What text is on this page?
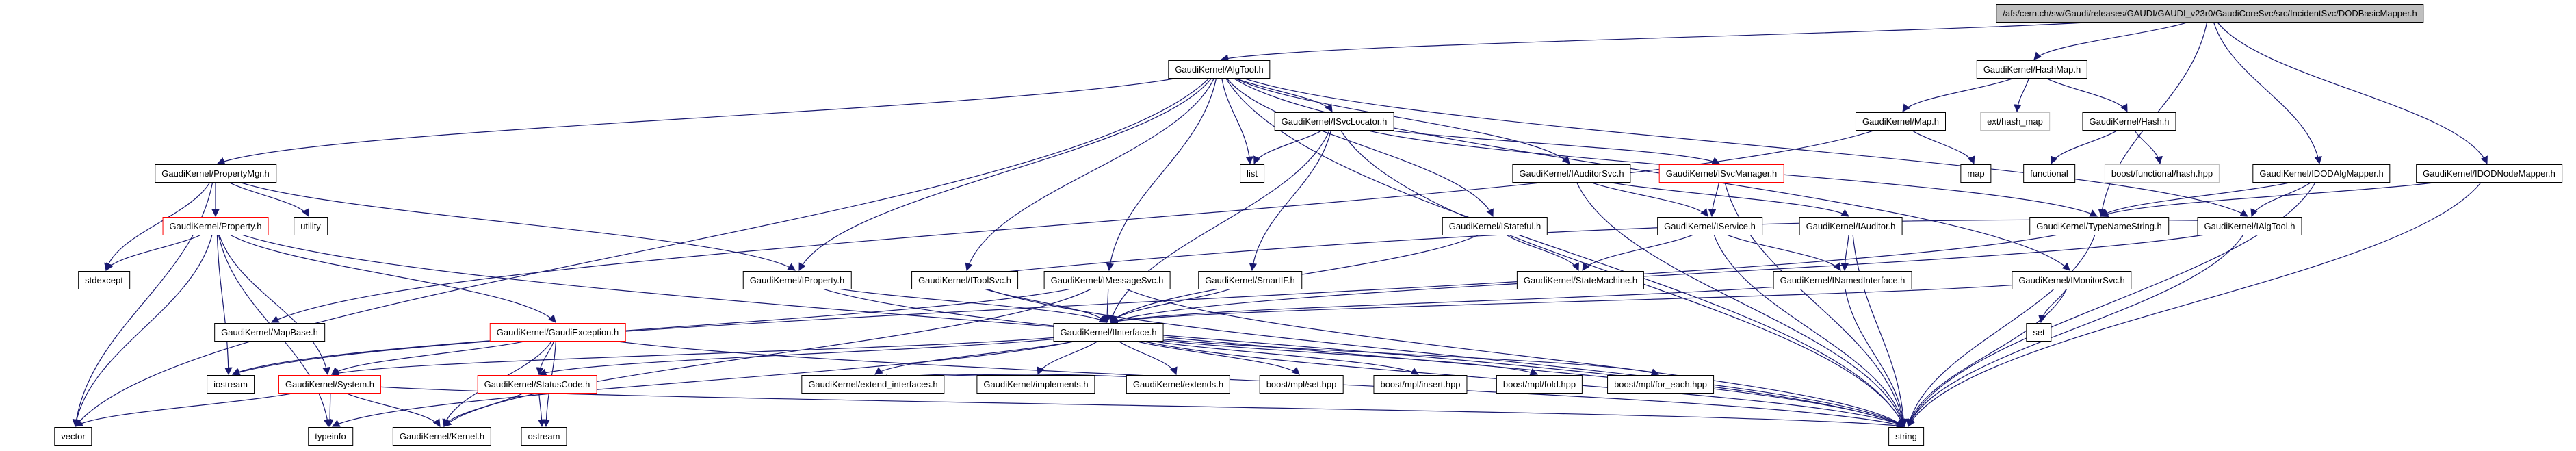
/afs/cern.ch/sw/Gaudi/releases/GAUDI/GAUDI_v23r0/GaudiCoreSvc/src/IncidentSvc/DODBasicMapper.h
GaudiKernel/AlgTool.h	GaudiKernel/HashMap.h
GaudiKernel/ISvcLocator.h	GaudiKernel/Map.h	ext/hash_map	GaudiKernel/Hash.h
GaudiKernel/PropertyMgr.h	list	GaudiKernel/IAuditorSvc.h	GaudiKernel/ISvcManager.h	map	functional	boost/functional/hash.hpp	GaudiKernel/IDODAlgMapper.h	GaudiKernel/IDODNodeMapper.h
GaudiKernel/Property.h	utility	GaudiKernel/IStateful.h	GaudiKernel/IService.h	GaudiKernel/IAuditor.h	GaudiKernel/TypeNameString.h	GaudiKernel/IAlgTool.h
stdexcept	GaudiKernel/IProperty.h	GaudiKernel/IToolSvc.h	GaudiKernel/IMessageSvc.h	GaudiKernel/SmartIF.h	GaudiKernel/StateMachine.h	GaudiKernel/INamedInterface.h	GaudiKernel/IMonitorSvc.h
GaudiKernel/MapBase.h	GaudiKernel/GaudiException.h	GaudiKernel/IInterface.h	set
iostream	GaudiKernel/System.h	GaudiKernel/StatusCode.h	GaudiKernel/extend_interfaces.h	GaudiKernel/implements.h	GaudiKernel/extends.h	boost/mpl/set.hpp	boost/mpl/insert.hpp	boost/mpl/fold.hpp	boost/mpl/for_each.hpp
vector	typeinfo	GaudiKernel/Kernel.h	ostream	string
